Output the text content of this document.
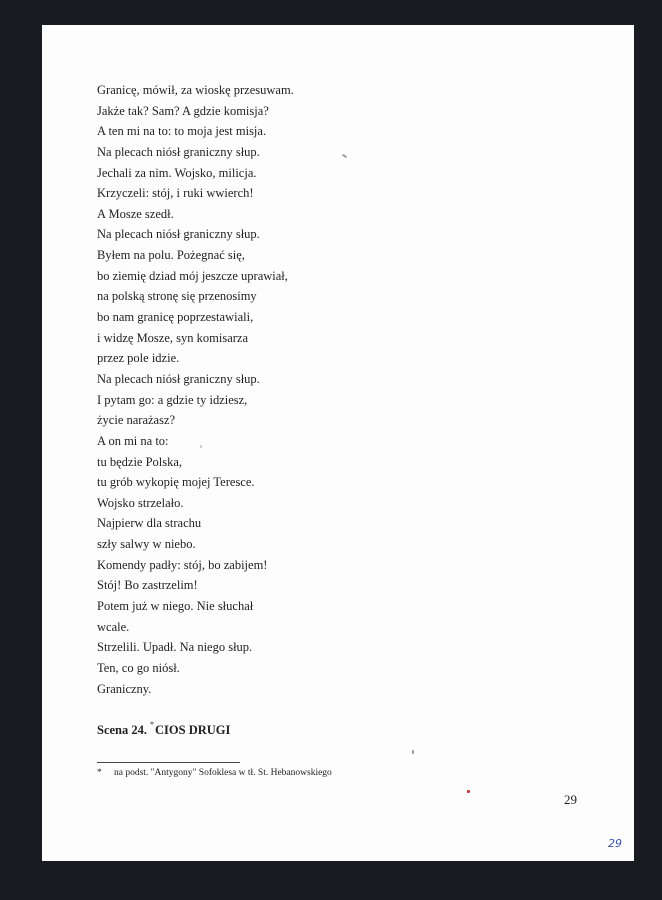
Granicę, mówił, za wioskę przesuwam.
Jakże tak? Sam? A gdzie komisja?
A ten mi na to: to moja jest misja.
Na plecach niósł graniczny słup.
Jechali za nim. Wojsko, milicja.
Krzyczeli: stój, i ruki wwierch!
A Mosze szedł.
Na plecach niósł graniczny słup.
Byłem na polu. Pożegnać się,
bo ziemię dziad mój jeszcze uprawiał,
na polską stronę się przenosimy
bo nam granicę poprzestawiali,
i widzę Mosze, syn komisarza
przez pole idzie.
Na plecach niósł graniczny słup.
I pytam go: a gdzie ty idziesz,
życie narażasz?
A on mi na to:
tu będzie Polska,
tu grób wykopię mojej Teresce.
Wojsko strzelało.
Najpierw dla strachu
szły salwy w niebo.
Komendy padły: stój, bo zabijem!
Stój! Bo zastrzelim!
Potem już w niego. Nie słuchał
wcale.
Strzelili. Upadł. Na niego słup.
Ten, co go niósł.
Graniczny.
Scena 24. *CIOS DRUGI
* na podst. "Antygony" Sofoklesa w tł. St. Hebanowskiego
29
29
